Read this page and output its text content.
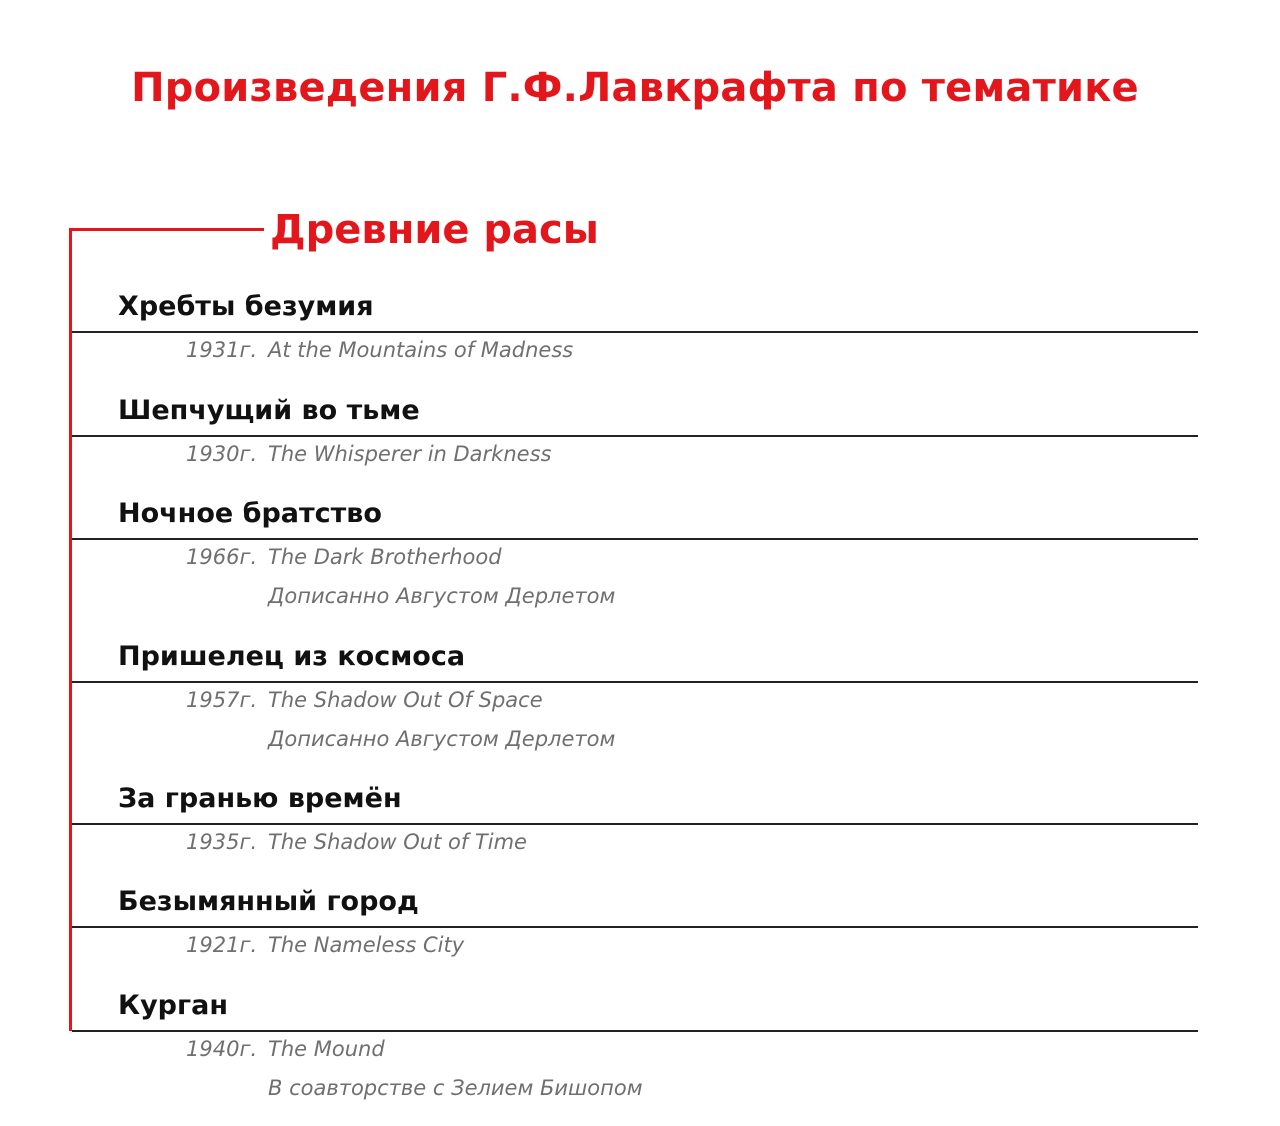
Произведения Г.Ф.Лавкрафта по тематике
Древние расы
Хребты безумия
1931г. At the Mountains of Madness
Шепчущий во тьме
1930г. The Whisperer in Darkness
Ночное братство
1966г. The Dark Brotherhood
Дописанно Августом Дерлетом
Пришелец из космоса
1957г. The Shadow Out Of Space
Дописанно Августом Дерлетом
За гранью времён
1935г. The Shadow Out of Time
Безымянный город
1921г. The Nameless City
Курган
1940г. The Mound
В соавторстве с Зелием Бишопом
